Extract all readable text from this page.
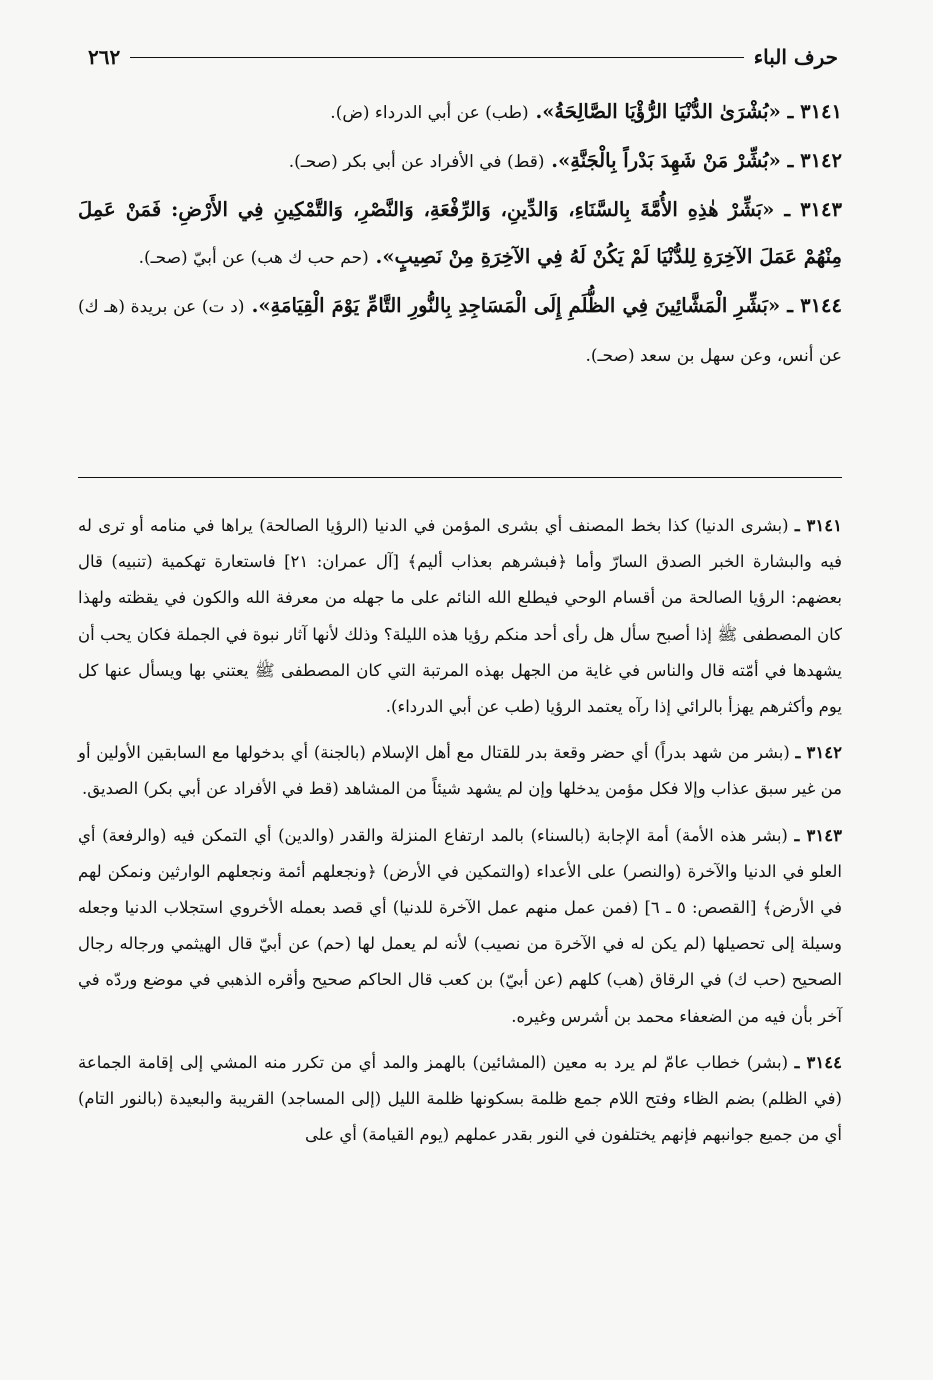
حرف الباء
٢٦٢

٣١٤١ ـ «بُشْرَىٰ الدُّنْيَا الرُّؤْيَا الصَّالِحَةُ». (طب) عن أبي الدرداء (ض).

٣١٤٢ ـ «بُشِّرْ مَنْ شَهِدَ بَدْراً بِالْجَنَّةِ». (قط) في الأفراد عن أبي بكر (صحـ).

٣١٤٣ ـ «بَشِّرْ هٰذِهِ الأُمَّةَ بِالسَّنَاءِ، وَالدِّينِ، وَالرِّفْعَةِ، وَالنَّصْرِ، وَالتَّمْكِينِ فِي الأَرْضِ: فَمَنْ عَمِلَ مِنْهُمْ عَمَلَ الآخِرَةِ لِلدُّنْيَا لَمْ يَكُنْ لَهُ فِي الآخِرَةِ مِنْ نَصِيبٍ». (حم حب ك هب) عن أبيّ (صحـ).

٣١٤٤ ـ «بَشِّرِ الْمَشَّائِينَ فِي الظُّلَمِ إِلَى الْمَسَاجِدِ بِالنُّورِ التَّامِّ يَوْمَ الْقِيَامَةِ». (د ت) عن بريدة (هـ ك) عن أنس، وعن سهل بن سعد (صحـ).

٣١٤١ ـ (بشرى الدنيا) كذا بخط المصنف أي بشرى المؤمن في الدنيا (الرؤيا الصالحة) يراها في منامه أو ترى له فيه والبشارة الخبر الصدق السارّ وأما ﴿فبشرهم بعذاب أليم﴾ [آل عمران: ٢١] فاستعارة تهكمية (تنبيه) قال بعضهم: الرؤيا الصالحة من أقسام الوحي فيطلع الله النائم على ما جهله من معرفة الله والكون في يقظته ولهذا كان المصطفى ﷺ إذا أصبح سأل هل رأى أحد منكم رؤيا هذه الليلة؟ وذلك لأنها آثار نبوة في الجملة فكان يحب أن يشهدها في أمّته قال والناس في غاية من الجهل بهذه المرتبة التي كان المصطفى ﷺ يعتني بها ويسأل عنها كل يوم وأكثرهم يهزأ بالرائي إذا رآه يعتمد الرؤيا (طب عن أبي الدرداء).

٣١٤٢ ـ (بشر من شهد بدراً) أي حضر وقعة بدر للقتال مع أهل الإسلام (بالجنة) أي بدخولها مع السابقين الأولين أو من غير سبق عذاب وإلا فكل مؤمن يدخلها وإن لم يشهد شيئاً من المشاهد (قط في الأفراد عن أبي بكر) الصديق.

٣١٤٣ ـ (بشر هذه الأمة) أمة الإجابة (بالسناء) بالمد ارتفاع المنزلة والقدر (والدين) أي التمكن فيه (والرفعة) أي العلو في الدنيا والآخرة (والنصر) على الأعداء (والتمكين في الأرض) ﴿ونجعلهم أئمة ونجعلهم الوارثين ونمكن لهم في الأرض﴾ [القصص: ٥ ـ ٦] (فمن عمل منهم عمل الآخرة للدنيا) أي قصد بعمله الأخروي استجلاب الدنيا وجعله وسيلة إلى تحصيلها (لم يكن له في الآخرة من نصيب) لأنه لم يعمل لها (حم) عن أبيّ قال الهيثمي ورجاله رجال الصحيح (حب ك) في الرقاق (هب) كلهم (عن أبيّ) بن كعب قال الحاكم صحيح وأقره الذهبي في موضع وردّه في آخر بأن فيه من الضعفاء محمد بن أشرس وغيره.

٣١٤٤ ـ (بشر) خطاب عامّ لم يرد به معين (المشائين) بالهمز والمد أي من تكرر منه المشي إلى إقامة الجماعة (في الظلم) بضم الظاء وفتح اللام جمع ظلمة بسكونها ظلمة الليل (إلى المساجد) القريبة والبعيدة (بالنور التام) أي من جميع جوانبهم فإنهم يختلفون في النور بقدر عملهم (يوم القيامة) أي على
